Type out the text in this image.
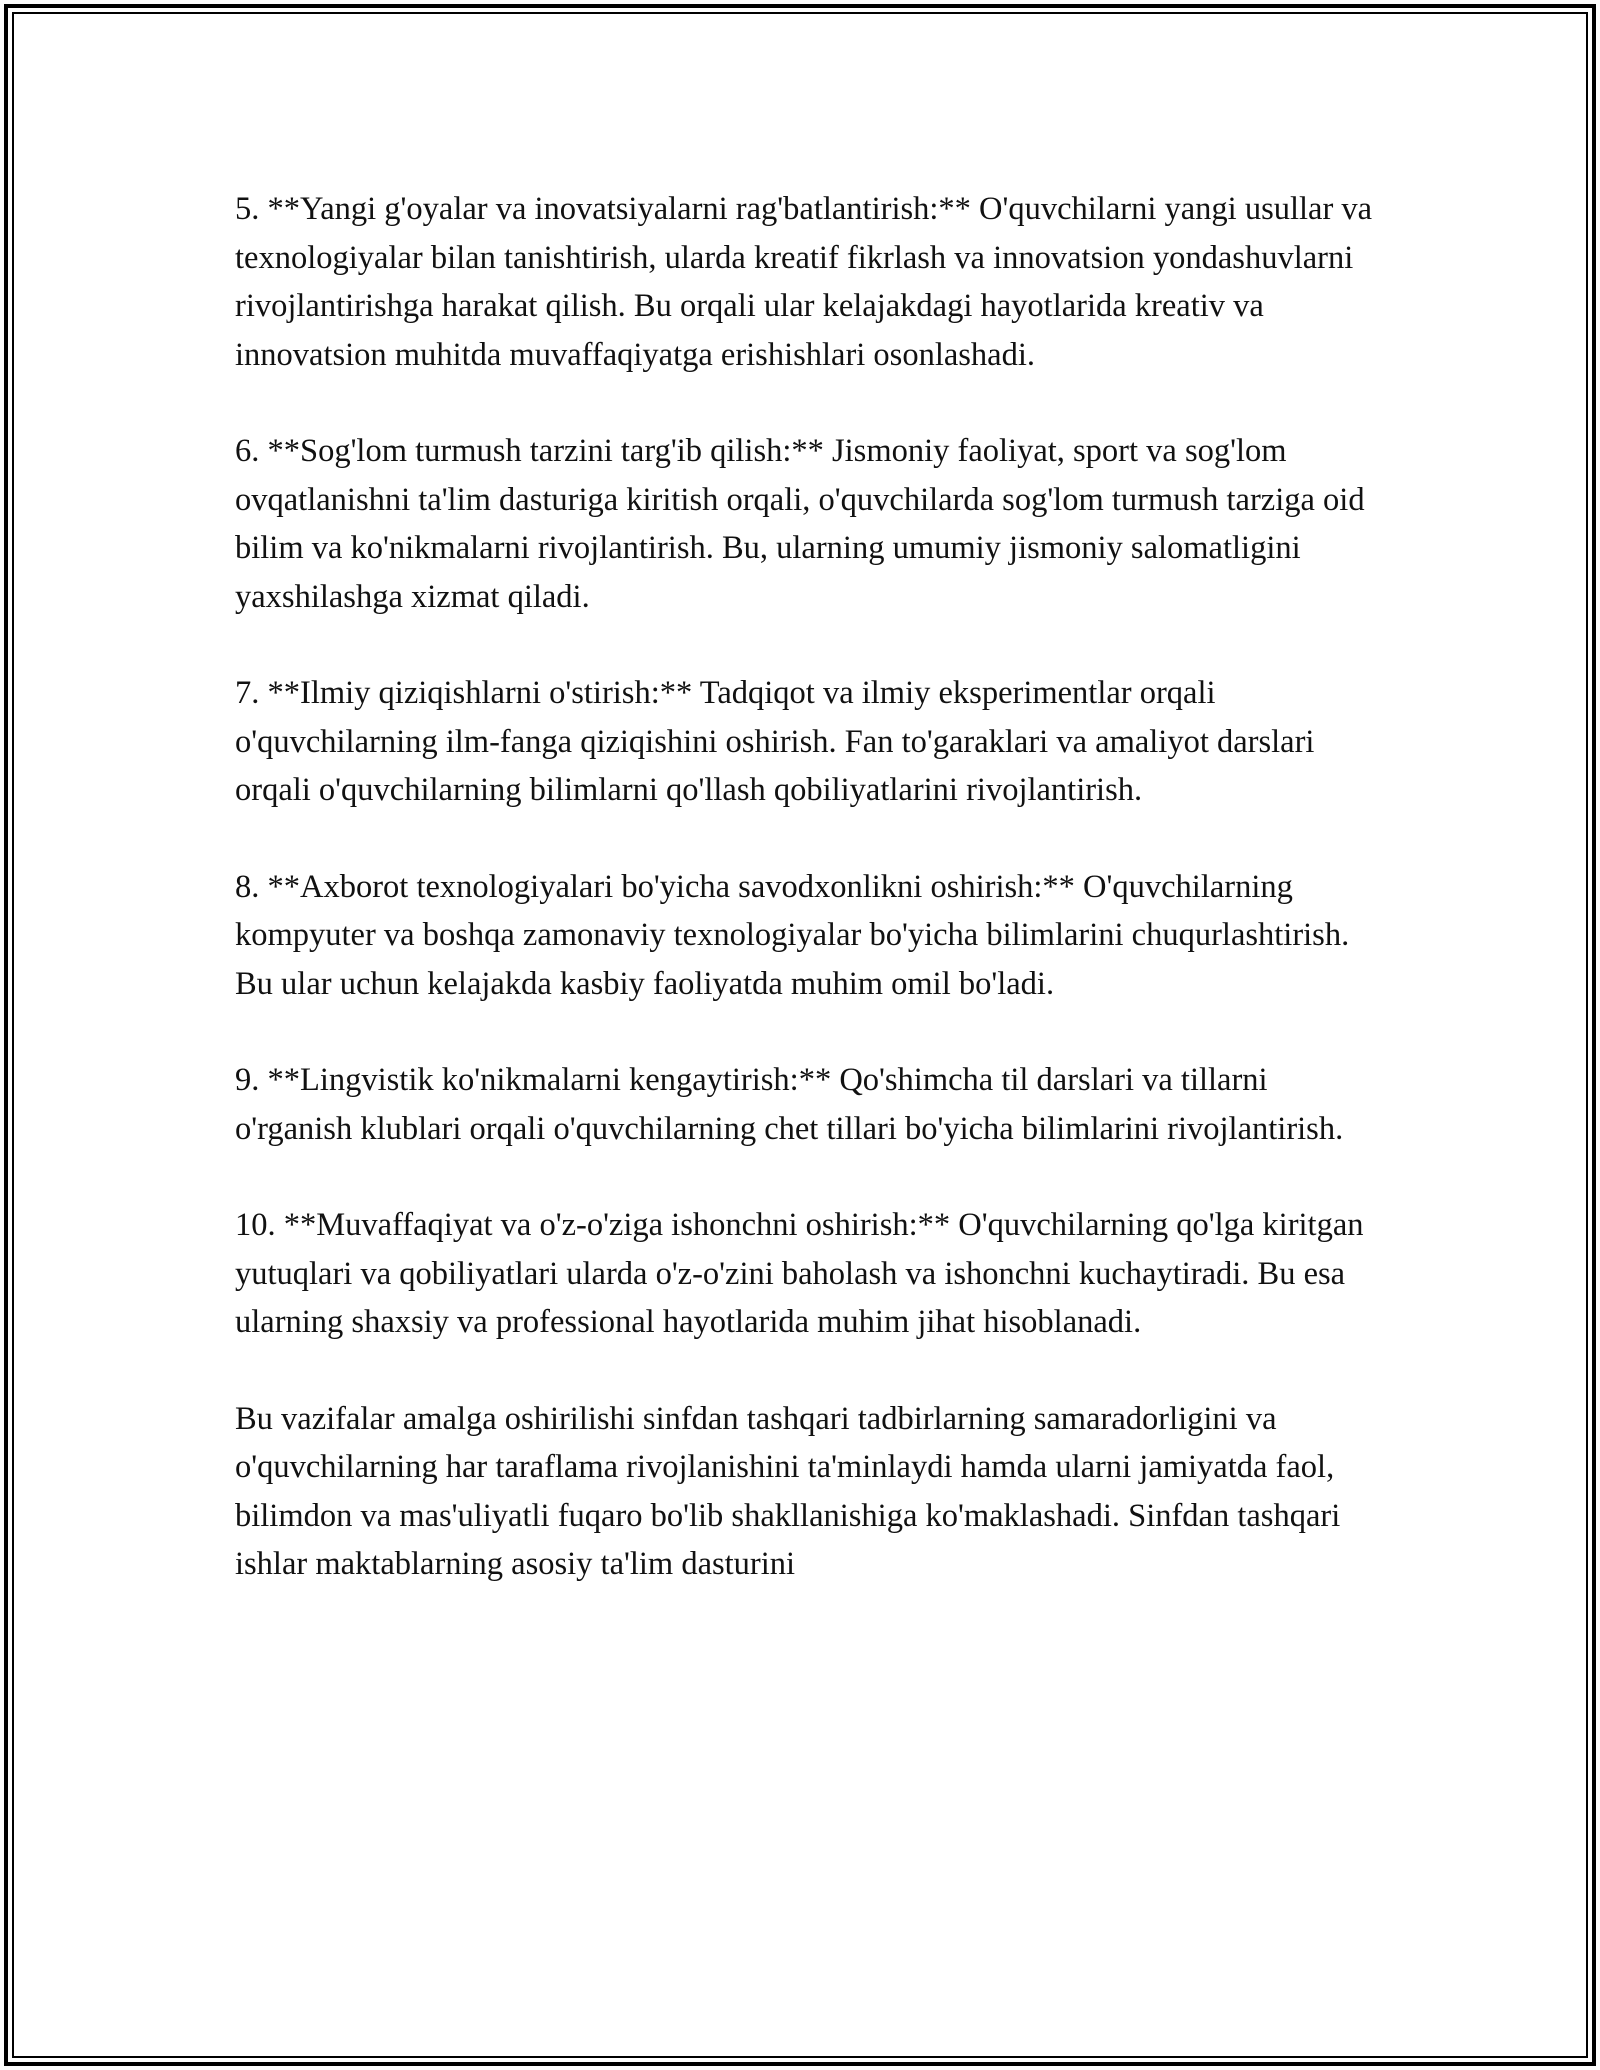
5. **Yangi g'oyalar va inovatsiyalarni rag'batlantirish:** O'quvchilarni yangi usullar va texnologiyalar bilan tanishtirish, ularda kreatif fikrlash va innovatsion yondashuvlarni rivojlantirishga harakat qilish. Bu orqali ular kelajakdagi hayotlarida kreativ va innovatsion muhitda muvaffaqiyatga erishishlari osonlashadi.

6. **Sog'lom turmush tarzini targ'ib qilish:** Jismoniy faoliyat, sport va sog'lom ovqatlanishni ta'lim dasturiga kiritish orqali, o'quvchilarda sog'lom turmush tarziga oid bilim va ko'nikmalarni rivojlantirish. Bu, ularning umumiy jismoniy salomatligini yaxshilashga xizmat qiladi.

7. **Ilmiy qiziqishlarni o'stirish:** Tadqiqot va ilmiy eksperimentlar orqali o'quvchilarning ilm-fanga qiziqishini oshirish. Fan to'garaklari va amaliyot darslari orqali o'quvchilarning bilimlarni qo'llash qobiliyatlarini rivojlantirish.

8. **Axborot texnologiyalari bo'yicha savodxonlikni oshirish:** O'quvchilarning kompyuter va boshqa zamonaviy texnologiyalar bo'yicha bilimlarini chuqurlashtirish. Bu ular uchun kelajakda kasbiy faoliyatda muhim omil bo'ladi.

9. **Lingvistik ko'nikmalarni kengaytirish:** Qo'shimcha til darslari va tillarni o'rganish klublari orqali o'quvchilarning chet tillari bo'yicha bilimlarini rivojlantirish.

10. **Muvaffaqiyat va o'z-o'ziga ishonchni oshirish:** O'quvchilarning qo'lga kiritgan yutuqlari va qobiliyatlari ularda o'z-o'zini baholash va ishonchni kuchaytiradi. Bu esa ularning shaxsiy va professional hayotlarida muhim jihat hisoblanadi.

Bu vazifalar amalga oshirilishi sinfdan tashqari tadbirlarning samaradorligini va o'quvchilarning har taraflama rivojlanishini ta'minlaydi hamda ularni jamiyatda faol, bilimdon va mas'uliyatli fuqaro bo'lib shakllanishiga ko'maklashadi. Sinfdan tashqari ishlar maktablarning asosiy ta'lim dasturini
